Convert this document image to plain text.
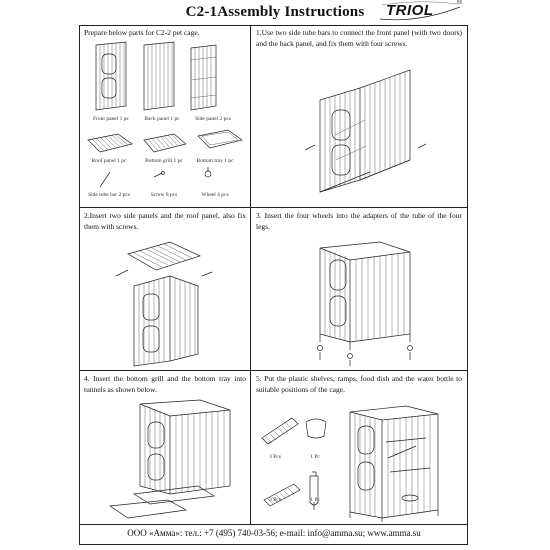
C2-1Assembly Instructions	TRIOL	®
Prepare below parts for C2-2 pet cage.
Front panel 1 pc	Back panel 1 pc	Side panel 2 pcs
Roof panel 1 pc	Bottom grill 1 pc	Bottom tray 1 pc
Side tube bar 2 pcs	Screw 8 pcs	Wheel 4 pcs
1.Use two side tube bars to connect the front panel (with two doors) and the back panel, and fix them with four screws.
2.Insert two side panels and the roof panel, also fix them with screws.
3. Insert the four wheels into the adapters of the tube of the four legs.
4. Insert the bottom grill and the bottom tray into tunnels as shown below.
5. Put the plastic shelves, ramps, food dish and the water bottle to suitable positions of the cage.
3 Pcs	1 Pc
3 Pcs	1 Pc
ООО «Амма»: тел.: +7 (495) 740-03-56; e-mail: info@amma.su; www.amma.su
